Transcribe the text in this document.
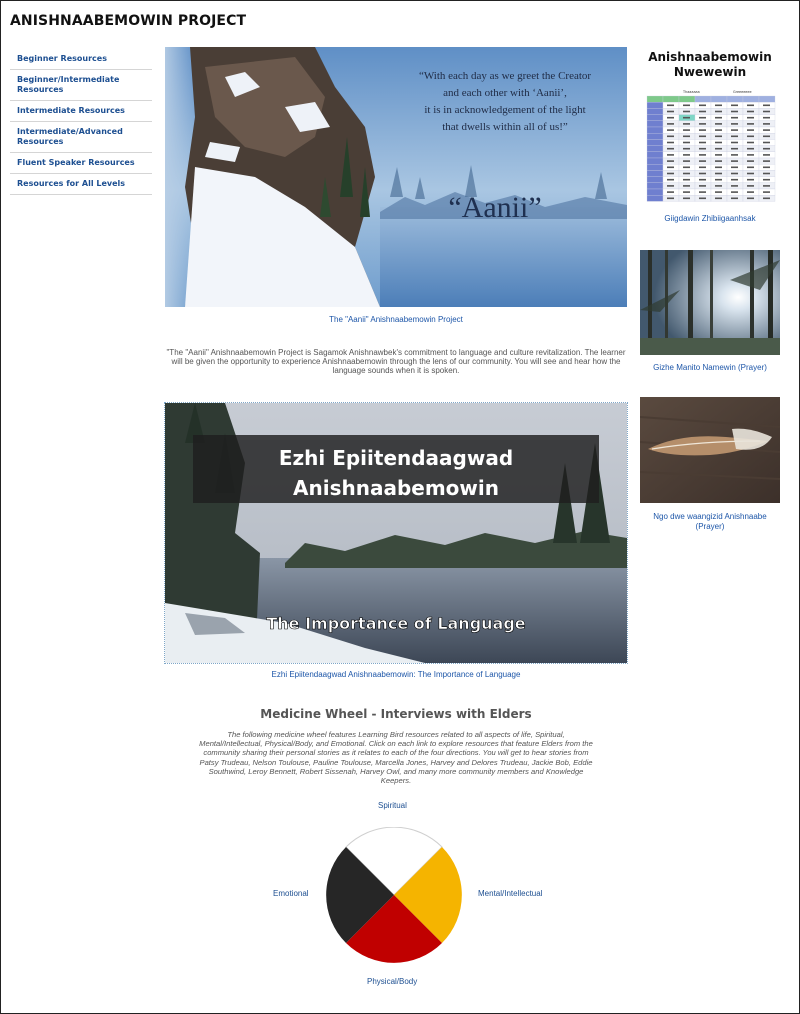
ANISHNAABEMOWIN PROJECT
Beginner Resources
Beginner/Intermediate Resources
Intermediate Resources
Intermediate/Advanced Resources
Fluent Speaker Resources
Resources for All Levels
“With each day as we greet the Creator
and each other with ‘Aanii’,
it is in acknowledgement of the light
that dwells within all of us!”
“Aanii”
The "Aanii" Anishnaabemowin Project

"The "Aanii" Anishnaabemowin Project is Sagamok Anishnawbek's commitment to language and culture revitalization. The learner will be given the opportunity to experience Anishnaabemowin through the lens of our community. You will see and hear how the language sounds when it is spoken.

Ezhi Epiitendaagwad
Anishnaabemowin
The Importance of Language
Ezhi Epiitendaagwad Anishnaabemowin: The Importance of Language
Medicine Wheel - Interviews with Elders

The following medicine wheel features Learning Bird resources related to all aspects of life, Spiritual, Mental/Intellectual, Physical/Body, and Emotional. Click on each link to explore resources that feature Elders from the community sharing their personal stories as it relates to each of the four directions. You will get to hear stories from Patsy Trudeau, Nelson Toulouse, Pauline Toulouse, Marcella Jones, Harvey and Delores Trudeau, Jackie Bob, Eddie Southwind, Leroy Bennett, Robert Sissenah, Harvey Owl, and many more community members and Knowledge Keepers.

Spiritual
Emotional	Mental/Intellectual
Physical/Body
Anishnaabemowin
Nwewewin
Thaaaaaa	Greeeeeee
Giigdawin Zhibiigaanhsak
Gizhe Manito Namewin (Prayer)
Ngo dwe waangizid Anishnaabe
(Prayer)
